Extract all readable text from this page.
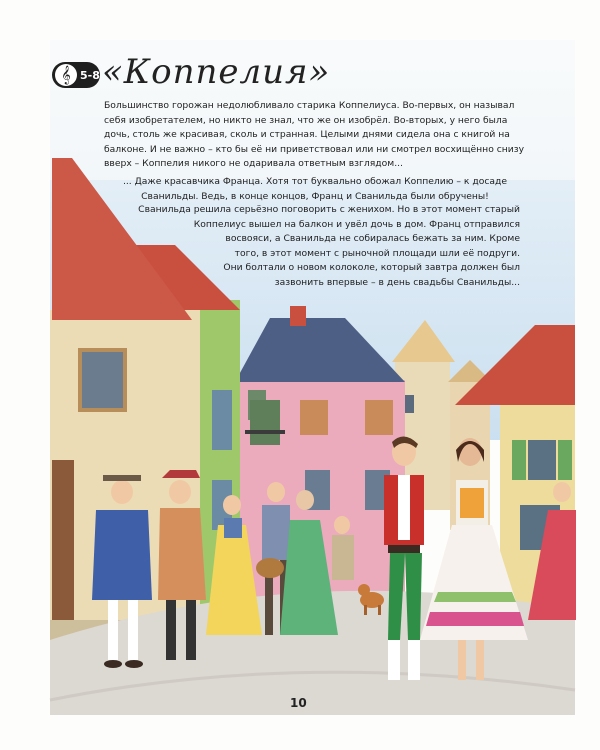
𝄞 5-8 «Коппелия»

Большинство горожан недолюбливало старика Коппелиуса. Во-первых, он называл себя изобретателем, но никто не знал, что же он изобрёл. Во-вторых, у него была дочь, столь же красивая, сколь и странная. Целыми днями сидела она с книгой на балконе. И не важно – кто бы её ни приветствовал или ни смотрел восхищённо снизу вверх – Коппелия никого не одаривала ответным взглядом...

... Даже красавчика Франца. Хотя тот буквально обожал Коппелию – к досаде Сванильды. Ведь, в конце концов, Франц и Сванильда были обручены!

Сванильда решила серьёзно поговорить с женихом. Но в этот момент старый
Коппелиус вышел на балкон и увёл дочь в дом. Франц отправился
восвояси, а Сванильда не собиралась бежать за ним. Кроме
того, в этот момент с рыночной площади шли её подруги.
Они болтали о новом колоколе, который завтра должен был
зазвонить впервые – в день свадьбы Сванильды...

10
